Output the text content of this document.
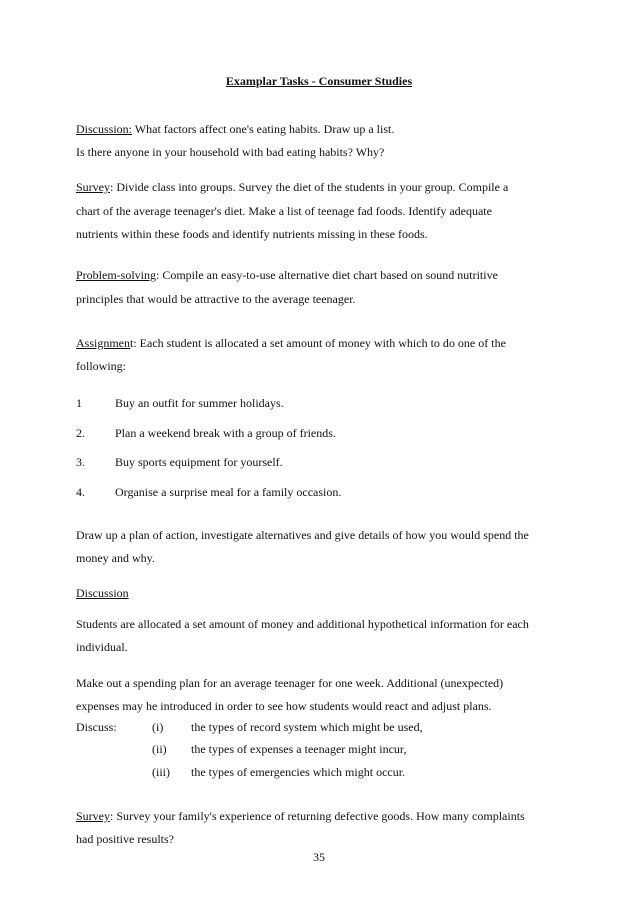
Examplar Tasks - Consumer Studies
Discussion: What factors affect one's eating habits. Draw up a list.
Is there anyone in your household with bad eating habits? Why?
Survey: Divide class into groups. Survey the diet of the students in your group. Compile a
chart of the average teenager's diet. Make a list of teenage fad foods. Identify adequate
nutrients within these foods and identify nutrients missing in these foods.
Problem-solving: Compile an easy-to-use alternative diet chart based on sound nutritive
principles that would be attractive to the average teenager.
Assignment: Each student is allocated a set amount of money with which to do one of the
following:
1	Buy an outfit for summer holidays.
2.	Plan a weekend break with a group of friends.
3.	Buy sports equipment for yourself.
4.	Organise a surprise meal for a family occasion.
Draw up a plan of action, investigate alternatives and give details of how you would spend the
money and why.
Discussion
Students are allocated a set amount of money and additional hypothetical information for each
individual.
Make out a spending plan for an average teenager for one week. Additional (unexpected)
expenses may he introduced in order to see how students would react and adjust plans.
Discuss:	(i) the types of record system which might be used,
(ii) the types of expenses a teenager might incur,
(iii) the types of emergencies which might occur.
Survey: Survey your family's experience of returning defective goods. How many complaints
had positive results?
35
